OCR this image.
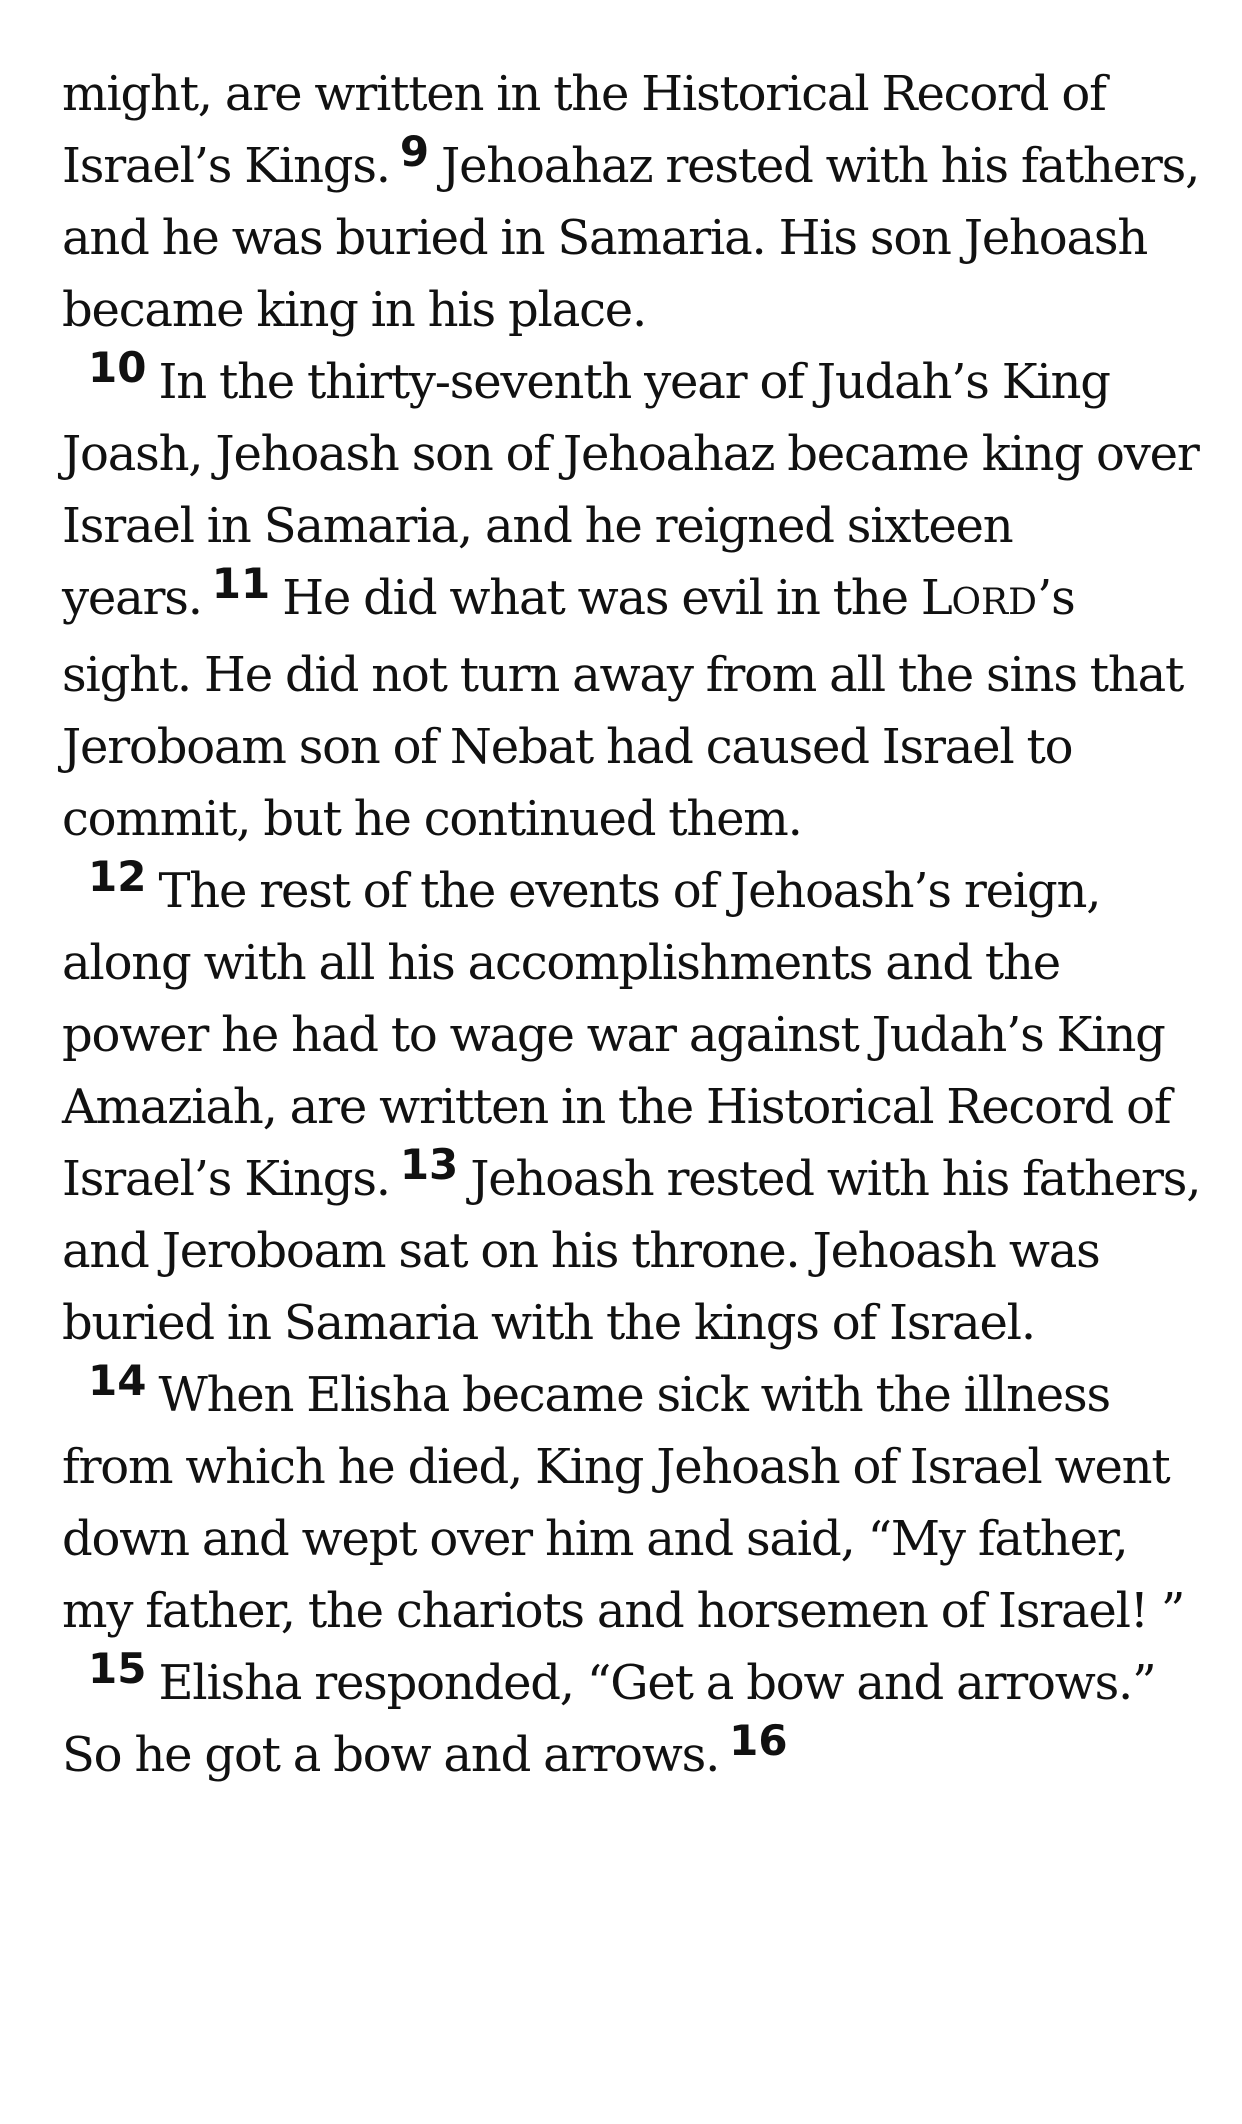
might, are written in the Historical Record of Israel’s Kings. 9 Jehoahaz rested with his fathers, and he was buried in Samaria. His son Jehoash became king in his place.

10 In the thirty-seventh year of Judah’s King Joash, Jehoash son of Jehoahaz became king over Israel in Samaria, and he reigned sixteen years. 11 He did what was evil in the LORD’s sight. He did not turn away from all the sins that Jeroboam son of Nebat had caused Israel to commit, but he continued them.

12 The rest of the events of Jehoash’s reign, along with all his accomplishments and the power he had to wage war against Judah’s King Amaziah, are written in the Historical Record of Israel’s Kings. 13 Jehoash rested with his fathers, and Jeroboam sat on his throne. Jehoash was buried in Samaria with the kings of Israel.

14 When Elisha became sick with the illness from which he died, King Jehoash of Israel went down and wept over him and said, “My father, my father, the chariots and horsemen of Israel! ”

15 Elisha responded, “Get a bow and arrows.” So he got a bow and arrows. 16
